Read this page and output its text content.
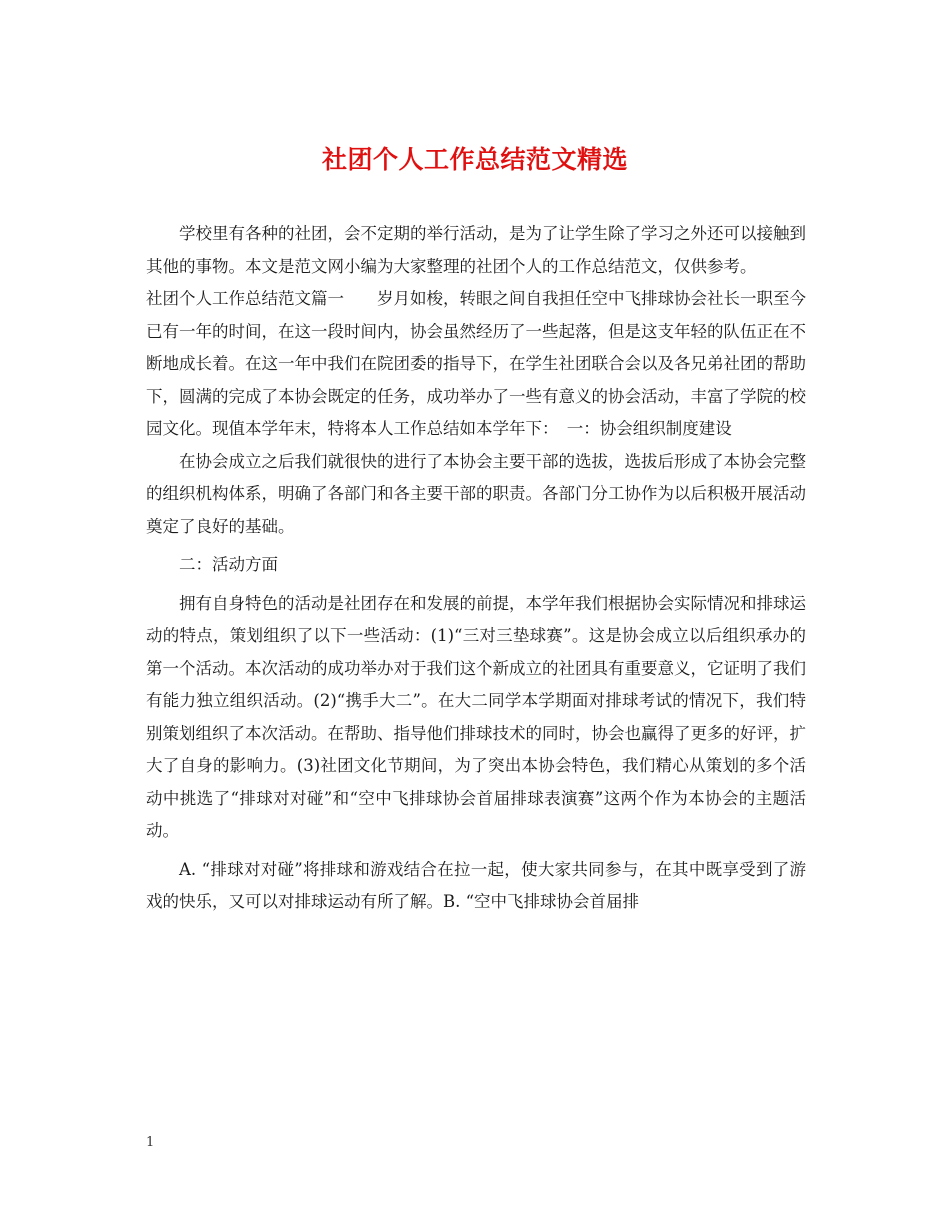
社团个人工作总结范文精选

学校里有各种的社团，会不定期的举行活动，是为了让学生除了学习之外还可以接触到其他的事物。本文是范文网小编为大家整理的社团个人的工作总结范文，仅供参考。

社团个人工作总结范文篇一　　岁月如梭，转眼之间自我担任空中飞排球协会社长一职至今已有一年的时间，在这一段时间内，协会虽然经历了一些起落，但是这支年轻的队伍正在不断地成长着。在这一年中我们在院团委的指导下，在学生社团联合会以及各兄弟社团的帮助下，圆满的完成了本协会既定的任务，成功举办了一些有意义的协会活动，丰富了学院的校园文化。现值本学年末，特将本人工作总结如本学年下：　一：协会组织制度建设

在协会成立之后我们就很快的进行了本协会主要干部的选拔，选拔后形成了本协会完整的组织机构体系，明确了各部门和各主要干部的职责。各部门分工协作为以后积极开展活动奠定了良好的基础。

二：活动方面

拥有自身特色的活动是社团存在和发展的前提，本学年我们根据协会实际情况和排球运动的特点，策划组织了以下一些活动：(1)“三对三垫球赛”。这是协会成立以后组织承办的第一个活动。本次活动的成功举办对于我们这个新成立的社团具有重要意义，它证明了我们有能力独立组织活动。(2)“携手大二”。在大二同学本学期面对排球考试的情况下，我们特别策划组织了本次活动。在帮助、指导他们排球技术的同时，协会也赢得了更多的好评，扩大了自身的影响力。(3)社团文化节期间，为了突出本协会特色，我们精心从策划的多个活动中挑选了“排球对对碰”和“空中飞排球协会首届排球表演赛”这两个作为本协会的主题活动。

A. “排球对对碰”将排球和游戏结合在拉一起，使大家共同参与，在其中既享受到了游戏的快乐，又可以对排球运动有所了解。B. “空中飞排球协会首届排

1
